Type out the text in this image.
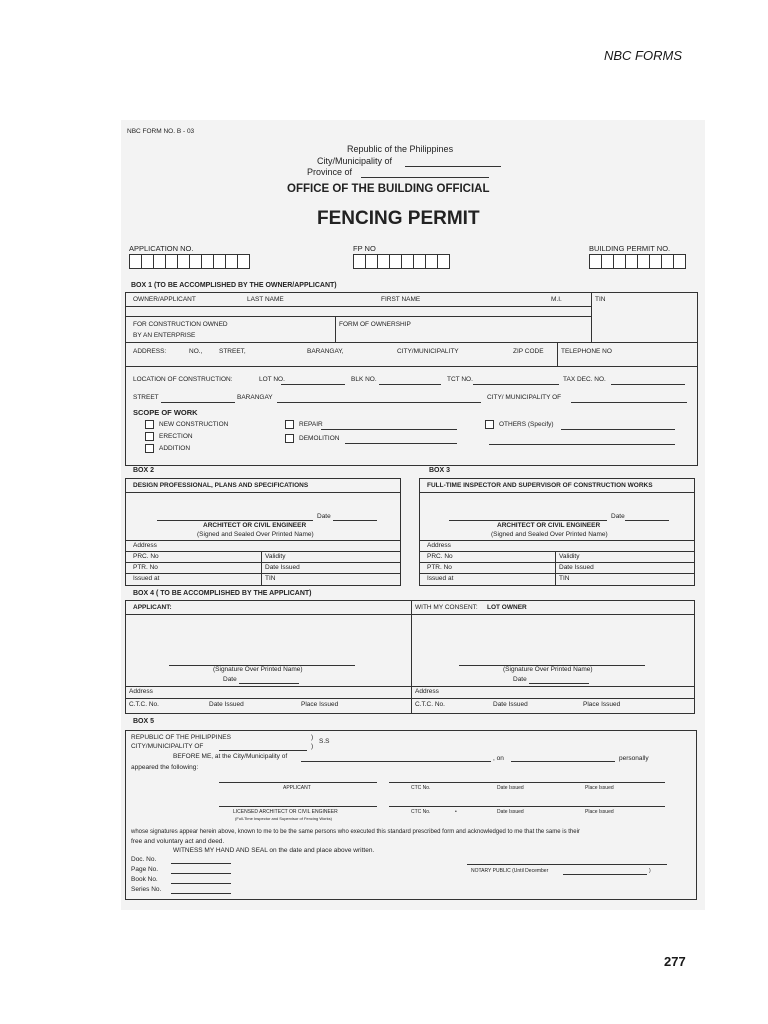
NBC FORMS
NBC FORM NO. B - 03
Republic of the Philippines
City/Municipality of
Province of
OFFICE OF THE BUILDING OFFICIAL
FENCING PERMIT
APPLICATION NO.	FP NO	BUILDING PERMIT NO.
BOX 1 (TO BE ACCOMPLISHED BY THE OWNER/APPLICANT)
OWNER/APPLICANT	LAST NAME	FIRST NAME	M.I.	TIN
FOR CONSTRUCTION OWNED
BY AN ENTERPRISE
FORM OF OWNERSHIP
ADDRESS:	NO.,	STREET,	BARANGAY,	CITY/MUNICIPALITY	ZIP CODE	TELEPHONE NO
LOCATION OF CONSTRUCTION:	LOT NO.	BLK NO.	TCT NO.	TAX DEC. NO.
STREET	BARANGAY	CITY/ MUNICIPALITY OF
SCOPE OF WORK
NEW CONSTRUCTION
ERECTION
ADDITION
REPAIR
DEMOLITION
OTHERS (Specify)
BOX 2	BOX 3
DESIGN PROFESSIONAL, PLANS AND SPECIFICATIONS
Date
ARCHITECT OR CIVIL ENGINEER
(Signed and Sealed Over Printed Name)
Address
PRC. No	Validity
PTR. No	Date Issued
Issued at	TIN
FULL-TIME INSPECTOR AND SUPERVISOR OF CONSTRUCTION WORKS
Date
ARCHITECT OR CIVIL ENGINEER
(Signed and Sealed Over Printed Name)
Address
PRC. No	Validity
PTR. No	Date Issued
Issued at	TIN
BOX 4 ( TO BE ACCOMPLISHED BY THE APPLICANT)
APPLICANT:	WITH MY CONSENT: LOT OWNER
(Signature Over Printed Name)
Date
(Signature Over Printed Name)
Date
Address	Address
C.T.C. No.	Date Issued	Place Issued	C.T.C. No.	Date Issued	Place Issued
BOX 5
REPUBLIC OF THE PHILIPPINES	)
S.S
CITY/MUNICIPALITY OF	)
BEFORE ME, at the City/Municipality of	, on	personally
appeared the following:
APPLICANT	CTC No.	Date Issued	Place Issued
LICENSED ARCHITECT OR CIVIL ENGINEER
(Full-Time Inspector and Supervisor of Fencing Works)
CTC No.	•	Date Issued	Place Issued
whose signatures appear herein above, known to me to be the same persons who executed this standard prescribed form and acknowledged to me that the same is their
free and voluntary act and deed.
WITNESS MY HAND AND SEAL on the date and place above written.
Doc. No.
Page No.
Book No.
Series No.
NOTARY PUBLIC (Until December	)
277
